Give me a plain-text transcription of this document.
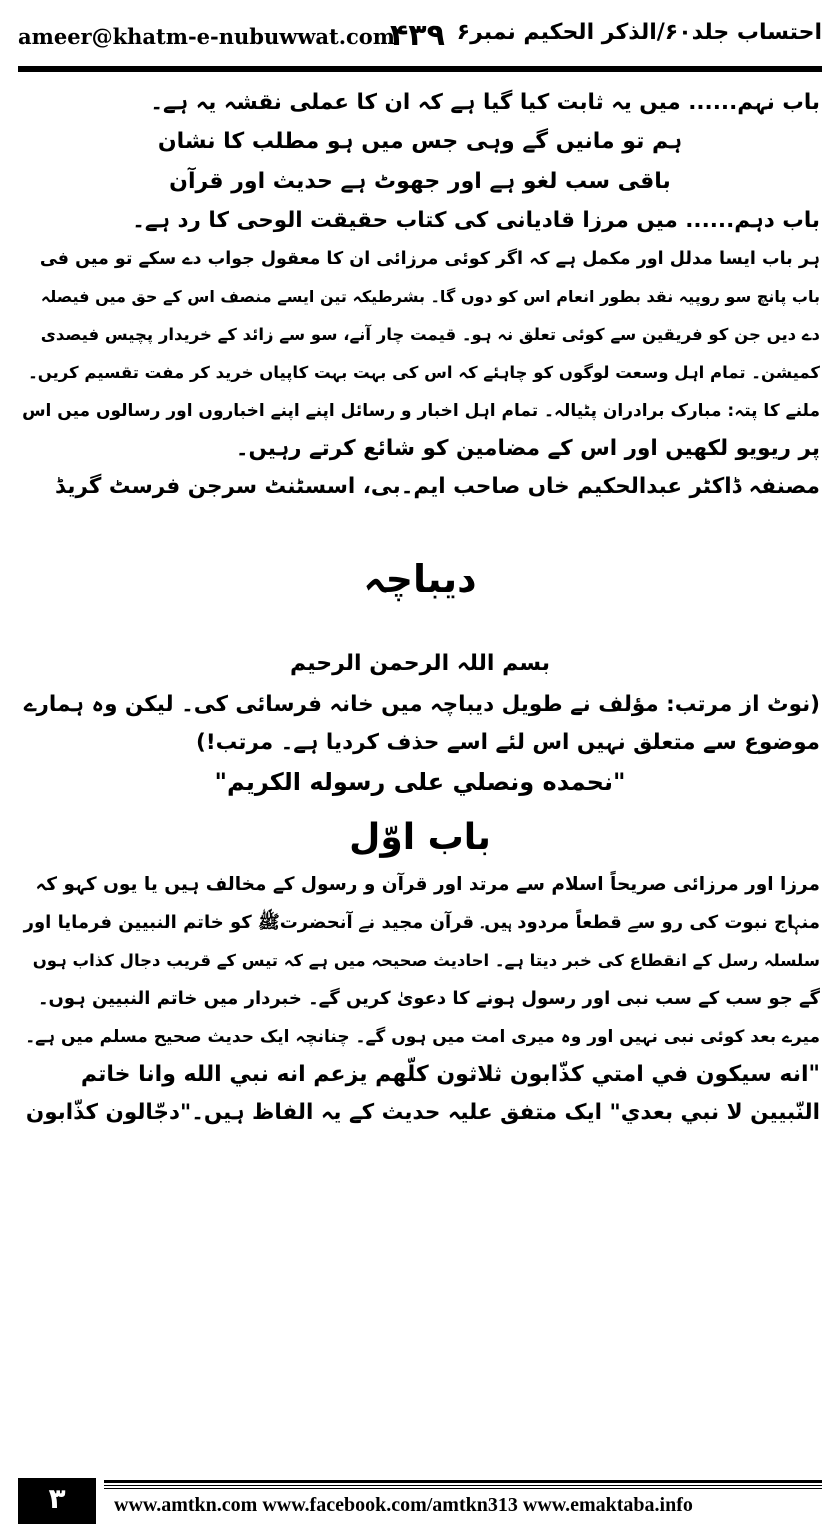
ameer@khatm-e-nubuwwat.com
۴۳۹ احتساب جلد۶۰/الذکر الحکیم نمبر۶
باب نہم...... میں یہ ثابت کیا گیا ہے کہ ان کا عملی نقشہ یہ ہے۔
ہم تو مانیں گے وہی جس میں ہو مطلب کا نشان
باقی سب لغو ہے اور جھوٹ ہے حدیث اور قرآن
باب دہم...... میں مرزا قادیانی کی کتاب حقیقت الوحی کا رد ہے۔
ہر باب ایسا مدلل اور مکمل ہے کہ اگر کوئی مرزائی ان کا معقول جواب دے سکے تو میں فی
باب پانچ سو روپیہ نقد بطور انعام اس کو دوں گا۔ بشرطیکہ تین ایسے منصف اس کے حق میں فیصلہ
دے دیں جن کو فریقین سے کوئی تعلق نہ ہو۔ قیمت چار آنے، سو سے زائد کے خریدار پچیس فیصدی
کمیشن۔ تمام اہل وسعت لوگوں کو چاہئے کہ اس کی بہت بہت کاپیاں خرید کر مفت تقسیم کریں۔
ملنے کا پتہ: مبارک برادران پٹیالہ۔ تمام اہل اخبار و رسائل اپنے اپنے اخباروں اور رسالوں میں اس
پر ریویو لکھیں اور اس کے مضامین کو شائع کرتے رہیں۔
مصنفہ ڈاکٹر عبدالحکیم خاں صاحب ایم۔بی، اسسٹنٹ سرجن فرسٹ گریڈ
دیباچہ
بسم اللہ الرحمن الرحیم
(نوٹ از مرتب: مؤلف نے طویل دیباچہ میں خانہ فرسائی کی۔ لیکن وہ ہمارے
موضوع سے متعلق نہیں اس لئے اسے حذف کردیا ہے۔ مرتب!)
"نحمده ونصلي على رسوله الكريم"
باب اوّل
مرزا اور مرزائی صریحاً اسلام سے مرتد اور قرآن و رسول کے مخالف ہیں یا یوں کہو کہ
منہاج نبوت کی رو سے قطعاً مردود ہیں۔ قرآن مجید نے آنحضرتﷺ کو خاتم النبیین فرمایا اور
سلسلہ رسل کے انقطاع کی خبر دیتا ہے۔ احادیث صحیحہ میں ہے کہ تیس کے قریب دجال کذاب ہوں
گے جو سب کے سب نبی اور رسول ہونے کا دعویٰ کریں گے۔ خبردار میں خاتم النبیین ہوں۔
میرے بعد کوئی نبی نہیں اور وہ میری امت میں ہوں گے۔ چنانچہ ایک حدیث صحیح مسلم میں ہے۔
"انه سيكون في امتي كذّابون ثلاثون كلّهم يزعم انه نبي الله وانا خاتم
النّبيين لا نبي بعدي" ایک متفق علیہ حدیث کے یہ الفاظ ہیں۔"دجّالون كذّابون
۳	www.amtkn.com www.facebook.com/amtkn313 www.emaktaba.info
